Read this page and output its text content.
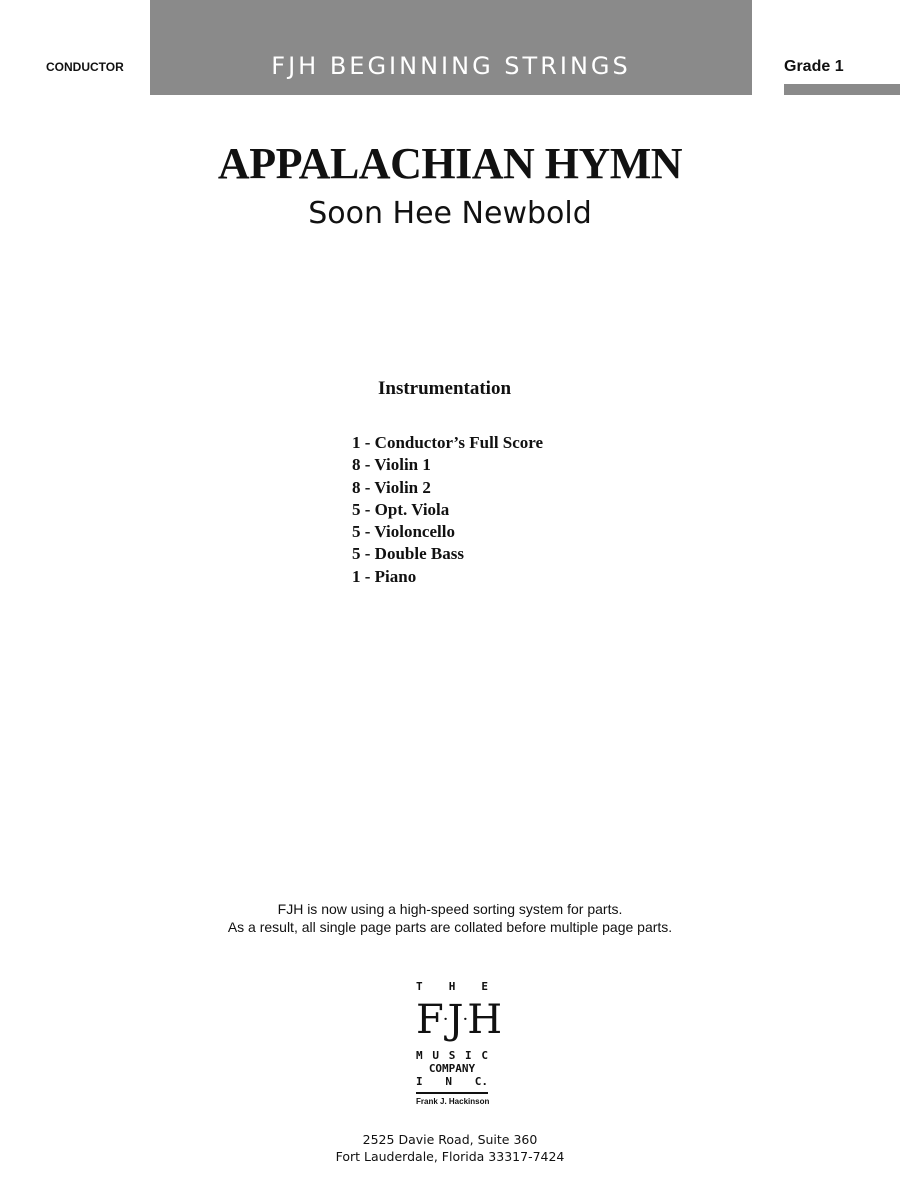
CONDUCTOR	FJH BEGINNING STRINGS	Grade 1
APPALACHIAN HYMN
Soon Hee Newbold
Instrumentation
1 - Conductor’s Full Score
8 - Violin 1
8 - Violin 2
5 - Opt. Viola
5 - Violoncello
5 - Double Bass
1 - Piano
FJH is now using a high-speed sorting system for parts.
As a result, all single page parts are collated before multiple page parts.
T H E
F · J · H
M U S I C
COMPANY
I N C.
Frank J. Hackinson
2525 Davie Road, Suite 360
Fort Lauderdale, Florida 33317-7424
